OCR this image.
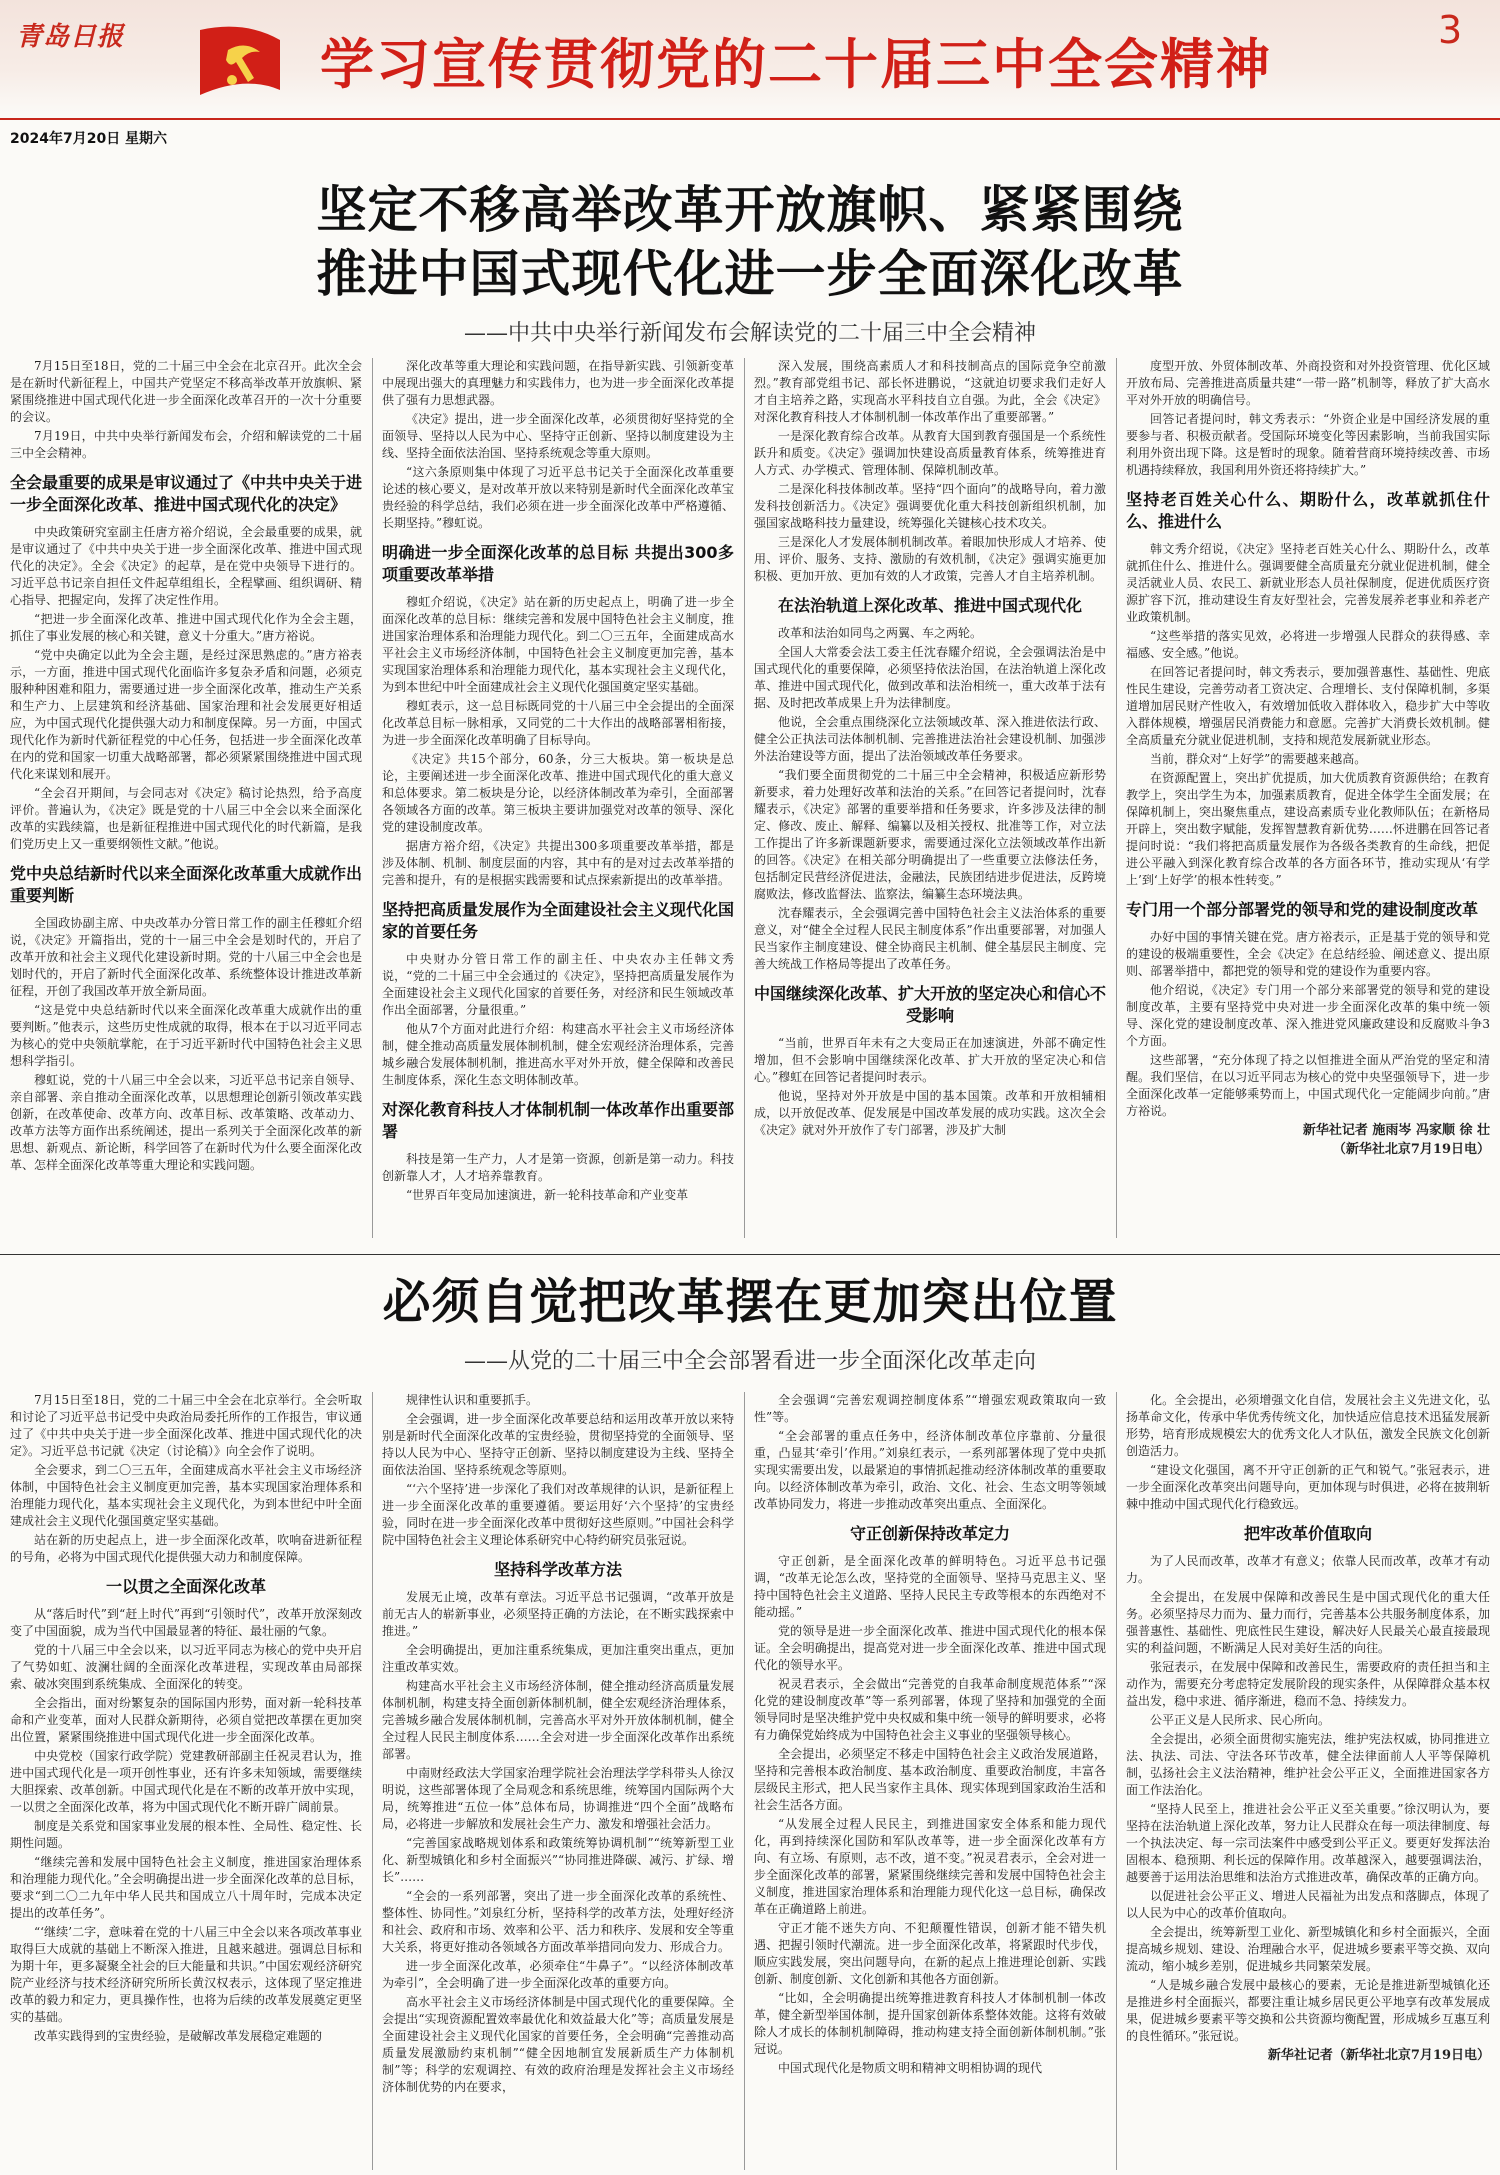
青岛日报	学习宣传贯彻党的二十届三中全会精神
3
2024年7月20日 星期六
坚定不移高举改革开放旗帜、紧紧围绕
推进中国式现代化进一步全面深化改革
——中共中央举行新闻发布会解读党的二十届三中全会精神

7月15日至18日，党的二十届三中全会在北京召开。此次全会是在新时代新征程上，中国共产党坚定不移高举改革开放旗帜、紧紧围绕推进中国式现代化进一步全面深化改革召开的一次十分重要的会议。

7月19日，中共中央举行新闻发布会，介绍和解读党的二十届三中全会精神。

全会最重要的成果是审议通过了《中共中央关于进一步全面深化改革、推进中国式现代化的决定》

中央政策研究室副主任唐方裕介绍说，全会最重要的成果，就是审议通过了《中共中央关于进一步全面深化改革、推进中国式现代化的决定》。全会《决定》的起草，是在党中央领导下进行的。习近平总书记亲自担任文件起草组组长，全程擘画、组织调研、精心指导、把握定向，发挥了决定性作用。

“把进一步全面深化改革、推进中国式现代化作为全会主题，抓住了事业发展的核心和关键，意义十分重大。”唐方裕说。

“党中央确定以此为全会主题，是经过深思熟虑的。”唐方裕表示，一方面，推进中国式现代化面临许多复杂矛盾和问题，必须克服种种困难和阻力，需要通过进一步全面深化改革，推动生产关系和生产力、上层建筑和经济基础、国家治理和社会发展更好相适应，为中国式现代化提供强大动力和制度保障。另一方面，中国式现代化作为新时代新征程党的中心任务，包括进一步全面深化改革在内的党和国家一切重大战略部署，都必须紧紧围绕推进中国式现代化来谋划和展开。

“全会召开期间，与会同志对《决定》稿讨论热烈，给予高度评价。普遍认为，《决定》既是党的十八届三中全会以来全面深化改革的实践续篇，也是新征程推进中国式现代化的时代新篇，是我们党历史上又一重要纲领性文献。”他说。

党中央总结新时代以来全面深化改革重大成就作出重要判断

全国政协副主席、中央改革办分管日常工作的副主任穆虹介绍说，《决定》开篇指出，党的十一届三中全会是划时代的，开启了改革开放和社会主义现代化建设新时期。党的十八届三中全会也是划时代的，开启了新时代全面深化改革、系统整体设计推进改革新征程，开创了我国改革开放全新局面。

“这是党中央总结新时代以来全面深化改革重大成就作出的重要判断。”他表示，这些历史性成就的取得，根本在于以习近平同志为核心的党中央领航掌舵，在于习近平新时代中国特色社会主义思想科学指引。

穆虹说，党的十八届三中全会以来，习近平总书记亲自领导、亲自部署、亲自推动全面深化改革，以思想理论创新引领改革实践创新，在改革使命、改革方向、改革目标、改革策略、改革动力、改革方法等方面作出系统阐述，提出一系列关于全面深化改革的新思想、新观点、新论断，科学回答了在新时代为什么要全面深化改革、怎样全面深化改革等重大理论和实践问题。

深化改革等重大理论和实践问题，在指导新实践、引领新变革中展现出强大的真理魅力和实践伟力，也为进一步全面深化改革提供了强有力思想武器。

《决定》提出，进一步全面深化改革，必须贯彻好坚持党的全面领导、坚持以人民为中心、坚持守正创新、坚持以制度建设为主线、坚持全面依法治国、坚持系统观念等重大原则。

“这六条原则集中体现了习近平总书记关于全面深化改革重要论述的核心要义，是对改革开放以来特别是新时代全面深化改革宝贵经验的科学总结，我们必须在进一步全面深化改革中严格遵循、长期坚持。”穆虹说。

明确进一步全面深化改革的总目标 共提出300多项重要改革举措

穆虹介绍说，《决定》站在新的历史起点上，明确了进一步全面深化改革的总目标：继续完善和发展中国特色社会主义制度，推进国家治理体系和治理能力现代化。到二〇三五年，全面建成高水平社会主义市场经济体制，中国特色社会主义制度更加完善，基本实现国家治理体系和治理能力现代化，基本实现社会主义现代化，为到本世纪中叶全面建成社会主义现代化强国奠定坚实基础。

穆虹表示，这一总目标既同党的十八届三中全会提出的全面深化改革总目标一脉相承，又同党的二十大作出的战略部署相衔接，为进一步全面深化改革明确了目标导向。

《决定》共15个部分，60条，分三大板块。第一板块是总论，主要阐述进一步全面深化改革、推进中国式现代化的重大意义和总体要求。第二板块是分论，以经济体制改革为牵引，全面部署各领域各方面的改革。第三板块主要讲加强党对改革的领导、深化党的建设制度改革。

据唐方裕介绍，《决定》共提出300多项重要改革举措，都是涉及体制、机制、制度层面的内容，其中有的是对过去改革举措的完善和提升，有的是根据实践需要和试点探索新提出的改革举措。

坚持把高质量发展作为全面建设社会主义现代化国家的首要任务

中央财办分管日常工作的副主任、中央农办主任韩文秀说，“党的二十届三中全会通过的《决定》，坚持把高质量发展作为全面建设社会主义现代化国家的首要任务，对经济和民生领域改革作出全面部署，分量很重。”

他从7个方面对此进行介绍：构建高水平社会主义市场经济体制，健全推动高质量发展体制机制，健全宏观经济治理体系，完善城乡融合发展体制机制，推进高水平对外开放，健全保障和改善民生制度体系，深化生态文明体制改革。

对深化教育科技人才体制机制一体改革作出重要部署

科技是第一生产力，人才是第一资源，创新是第一动力。科技创新靠人才，人才培养靠教育。

“世界百年变局加速演进，新一轮科技革命和产业变革

深入发展，围绕高素质人才和科技制高点的国际竞争空前激烈。”教育部党组书记、部长怀进鹏说，“这就迫切要求我们走好人才自主培养之路，实现高水平科技自立自强。为此，全会《决定》对深化教育科技人才体制机制一体改革作出了重要部署。”

一是深化教育综合改革。从教育大国到教育强国是一个系统性跃升和质变。《决定》强调加快建设高质量教育体系，统筹推进育人方式、办学模式、管理体制、保障机制改革。

二是深化科技体制改革。坚持“四个面向”的战略导向，着力激发科技创新活力。《决定》强调要优化重大科技创新组织机制，加强国家战略科技力量建设，统筹强化关键核心技术攻关。

三是深化人才发展体制机制改革。着眼加快形成人才培养、使用、评价、服务、支持、激励的有效机制，《决定》强调实施更加积极、更加开放、更加有效的人才政策，完善人才自主培养机制。

在法治轨道上深化改革、推进中国式现代化

改革和法治如同鸟之两翼、车之两轮。

全国人大常委会法工委主任沈春耀介绍说，全会强调法治是中国式现代化的重要保障，必须坚持依法治国，在法治轨道上深化改革、推进中国式现代化，做到改革和法治相统一，重大改革于法有据、及时把改革成果上升为法律制度。

他说，全会重点围绕深化立法领域改革、深入推进依法行政、健全公正执法司法体制机制、完善推进法治社会建设机制、加强涉外法治建设等方面，提出了法治领域改革任务要求。

“我们要全面贯彻党的二十届三中全会精神，积极适应新形势新要求，着力处理好改革和法治的关系。”在回答记者提问时，沈春耀表示，《决定》部署的重要举措和任务要求，许多涉及法律的制定、修改、废止、解释、编纂以及相关授权、批准等工作，对立法工作提出了许多新课题新要求，需要通过深化立法领域改革作出新的回答。《决定》在相关部分明确提出了一些重要立法修法任务，包括制定民营经济促进法，金融法，民族团结进步促进法，反跨境腐败法，修改监督法、监察法，编纂生态环境法典。

沈春耀表示，全会强调完善中国特色社会主义法治体系的重要意义，对“健全全过程人民民主制度体系”作出重要部署，对加强人民当家作主制度建设、健全协商民主机制、健全基层民主制度、完善大统战工作格局等提出了改革任务。

中国继续深化改革、扩大开放的坚定决心和信心不受影响

“当前，世界百年未有之大变局正在加速演进，外部不确定性增加，但不会影响中国继续深化改革、扩大开放的坚定决心和信心。”穆虹在回答记者提问时表示。

他说，坚持对外开放是中国的基本国策。改革和开放相辅相成，以开放促改革、促发展是中国改革发展的成功实践。这次全会《决定》就对外开放作了专门部署，涉及扩大制

度型开放、外贸体制改革、外商投资和对外投资管理、优化区域开放布局、完善推进高质量共建“一带一路”机制等，释放了扩大高水平对外开放的明确信号。

回答记者提问时，韩文秀表示：“外资企业是中国经济发展的重要参与者、积极贡献者。受国际环境变化等因素影响，当前我国实际利用外资出现下降。这是暂时的现象。随着营商环境持续改善、市场机遇持续释放，我国利用外资还将持续扩大。”

坚持老百姓关心什么、期盼什么，改革就抓住什么、推进什么

韩文秀介绍说，《决定》坚持老百姓关心什么、期盼什么，改革就抓住什么、推进什么。强调要健全高质量充分就业促进机制，健全灵活就业人员、农民工、新就业形态人员社保制度，促进优质医疗资源扩容下沉，推动建设生育友好型社会，完善发展养老事业和养老产业政策机制。

“这些举措的落实见效，必将进一步增强人民群众的获得感、幸福感、安全感。”他说。

在回答记者提问时，韩文秀表示，要加强普惠性、基础性、兜底性民生建设，完善劳动者工资决定、合理增长、支付保障机制，多渠道增加居民财产性收入，有效增加低收入群体收入，稳步扩大中等收入群体规模，增强居民消费能力和意愿。完善扩大消费长效机制。健全高质量充分就业促进机制，支持和规范发展新就业形态。

当前，群众对“上好学”的需要越来越高。

在资源配置上，突出扩优提质，加大优质教育资源供给；在教育教学上，突出学生为本，加强素质教育，促进全体学生全面发展；在保障机制上，突出聚焦重点，建设高素质专业化教师队伍；在新格局开辟上，突出数字赋能，发挥智慧教育新优势……怀进鹏在回答记者提问时说：“我们将把高质量发展作为各级各类教育的生命线，把促进公平融入到深化教育综合改革的各方面各环节，推动实现从‘有学上’到‘上好学’的根本性转变。”

专门用一个部分部署党的领导和党的建设制度改革

办好中国的事情关键在党。唐方裕表示，正是基于党的领导和党的建设的极端重要性，全会《决定》在总结经验、阐述意义、提出原则、部署举措中，都把党的领导和党的建设作为重要内容。

他介绍说，《决定》专门用一个部分来部署党的领导和党的建设制度改革，主要有坚持党中央对进一步全面深化改革的集中统一领导、深化党的建设制度改革、深入推进党风廉政建设和反腐败斗争3个方面。

这些部署，“充分体现了持之以恒推进全面从严治党的坚定和清醒。我们坚信，在以习近平同志为核心的党中央坚强领导下，进一步全面深化改革一定能够乘势而上，中国式现代化一定能阔步向前。”唐方裕说。

新华社记者 施雨岑 冯家顺 徐 壮

（新华社北京7月19日电）

必须自觉把改革摆在更加突出位置
——从党的二十届三中全会部署看进一步全面深化改革走向

7月15日至18日，党的二十届三中全会在北京举行。全会听取和讨论了习近平总书记受中央政治局委托所作的工作报告，审议通过了《中共中央关于进一步全面深化改革、推进中国式现代化的决定》。习近平总书记就《决定（讨论稿）》向全会作了说明。

全会要求，到二〇三五年，全面建成高水平社会主义市场经济体制，中国特色社会主义制度更加完善，基本实现国家治理体系和治理能力现代化，基本实现社会主义现代化，为到本世纪中叶全面建成社会主义现代化强国奠定坚实基础。

站在新的历史起点上，进一步全面深化改革，吹响奋进新征程的号角，必将为中国式现代化提供强大动力和制度保障。

一以贯之全面深化改革

从“落后时代”到“赶上时代”再到“引领时代”，改革开放深刻改变了中国面貌，成为当代中国最显著的特征、最壮丽的气象。

党的十八届三中全会以来，以习近平同志为核心的党中央开启了气势如虹、波澜壮阔的全面深化改革进程，实现改革由局部探索、破冰突围到系统集成、全面深化的转变。

全会指出，面对纷繁复杂的国际国内形势，面对新一轮科技革命和产业变革，面对人民群众新期待，必须自觉把改革摆在更加突出位置，紧紧围绕推进中国式现代化进一步全面深化改革。

中央党校（国家行政学院）党建教研部副主任祝灵君认为，推进中国式现代化是一项开创性事业，还有许多未知领域，需要继续大胆探索、改革创新。中国式现代化是在不断的改革开放中实现，一以贯之全面深化改革，将为中国式现代化不断开辟广阔前景。

制度是关系党和国家事业发展的根本性、全局性、稳定性、长期性问题。

“继续完善和发展中国特色社会主义制度，推进国家治理体系和治理能力现代化。”全会明确提出进一步全面深化改革的总目标，要求“到二〇二九年中华人民共和国成立八十周年时，完成本决定提出的改革任务”。

“‘继续’二字，意味着在党的十八届三中全会以来各项改革事业取得巨大成就的基础上不断深入推进，且越来越进。强调总目标和为期十年，更多凝聚全社会的巨大能量和共识。”中国宏观经济研究院产业经济与技术经济研究所所长黄汉权表示，这体现了坚定推进改革的毅力和定力，更具操作性，也将为后续的改革发展奠定更坚实的基础。

改革实践得到的宝贵经验，是破解改革发展稳定难题的

规律性认识和重要抓手。

全会强调，进一步全面深化改革要总结和运用改革开放以来特别是新时代全面深化改革的宝贵经验，贯彻坚持党的全面领导、坚持以人民为中心、坚持守正创新、坚持以制度建设为主线、坚持全面依法治国、坚持系统观念等原则。

“‘六个坚持’进一步深化了我们对改革规律的认识，是新征程上进一步全面深化改革的重要遵循。要运用好‘六个坚持’的宝贵经验，同时在进一步全面深化改革中贯彻好这些原则。”中国社会科学院中国特色社会主义理论体系研究中心特约研究员张冠说。

坚持科学改革方法

发展无止境，改革有章法。习近平总书记强调，“改革开放是前无古人的崭新事业，必须坚持正确的方法论，在不断实践探索中推进。”

全会明确提出，更加注重系统集成，更加注重突出重点，更加注重改革实效。

构建高水平社会主义市场经济体制，健全推动经济高质量发展体制机制，构建支持全面创新体制机制，健全宏观经济治理体系，完善城乡融合发展体制机制，完善高水平对外开放体制机制，健全全过程人民民主制度体系……全会对进一步全面深化改革作出系统部署。

中南财经政法大学国家治理学院社会治理法学学科带头人徐汉明说，这些部署体现了全局观念和系统思维，统筹国内国际两个大局，统筹推进“五位一体”总体布局，协调推进“四个全面”战略布局，必将进一步解放和发展社会生产力、激发和增强社会活力。

“完善国家战略规划体系和政策统筹协调机制”“统筹新型工业化、新型城镇化和乡村全面振兴”“协同推进降碳、减污、扩绿、增长”……

“全会的一系列部署，突出了进一步全面深化改革的系统性、整体性、协同性。”刘泉红分析，坚持科学的改革方法，处理好经济和社会、政府和市场、效率和公平、活力和秩序、发展和安全等重大关系，将更好推动各领域各方面改革举措同向发力、形成合力。

进一步全面深化改革，必须牵住“牛鼻子”。“以经济体制改革为牵引”，全会明确了进一步全面深化改革的重要方向。

高水平社会主义市场经济体制是中国式现代化的重要保障。全会提出“实现资源配置效率最优化和效益最大化”等；高质量发展是全面建设社会主义现代化国家的首要任务，全会明确“完善推动高质量发展激励约束机制”“健全因地制宜发展新质生产力体制机制”等；科学的宏观调控、有效的政府治理是发挥社会主义市场经济体制优势的内在要求，

全会强调“完善宏观调控制度体系”“增强宏观政策取向一致性”等。

“全会部署的重点任务中，经济体制改革位序靠前、分量很重，凸显其‘牵引’作用。”刘泉红表示，一系列部署体现了党中央抓实现实需要出发，以最紧迫的事情抓起推动经济体制改革的重要取向。以经济体制改革为牵引，政治、文化、社会、生态文明等领域改革协同发力，将进一步推动改革突出重点、全面深化。

守正创新保持改革定力

守正创新，是全面深化改革的鲜明特色。习近平总书记强调，“改革无论怎么改，坚持党的全面领导、坚持马克思主义、坚持中国特色社会主义道路、坚持人民民主专政等根本的东西绝对不能动摇。”

党的领导是进一步全面深化改革、推进中国式现代化的根本保证。全会明确提出，提高党对进一步全面深化改革、推进中国式现代化的领导水平。

祝灵君表示，全会做出“完善党的自我革命制度规范体系”“深化党的建设制度改革”等一系列部署，体现了坚持和加强党的全面领导同时是坚决维护党中央权威和集中统一领导的鲜明要求，必将有力确保党始终成为中国特色社会主义事业的坚强领导核心。

全会提出，必须坚定不移走中国特色社会主义政治发展道路，坚持和完善根本政治制度、基本政治制度、重要政治制度，丰富各层级民主形式，把人民当家作主具体、现实体现到国家政治生活和社会生活各方面。

“从发展全过程人民民主，到推进国家安全体系和能力现代化，再到持续深化国防和军队改革等，进一步全面深化改革有方向、有立场、有原则，志不改，道不变。”祝灵君表示，全会对进一步全面深化改革的部署，紧紧围绕继续完善和发展中国特色社会主义制度，推进国家治理体系和治理能力现代化这一总目标，确保改革在正确道路上前进。

守正才能不迷失方向、不犯颠覆性错误，创新才能不错失机遇、把握引领时代潮流。进一步全面深化改革，将紧跟时代步伐，顺应实践发展，突出问题导向，在新的起点上推进理论创新、实践创新、制度创新、文化创新和其他各方面创新。

“比如，全会明确提出统筹推进教育科技人才体制机制一体改革，健全新型举国体制，提升国家创新体系整体效能。这将有效破除人才成长的体制机制障碍，推动构建支持全面创新体制机制。”张冠说。

中国式现代化是物质文明和精神文明相协调的现代

化。全会提出，必须增强文化自信，发展社会主义先进文化，弘扬革命文化，传承中华优秀传统文化，加快适应信息技术迅猛发展新形势，培育形成规模宏大的优秀文化人才队伍，激发全民族文化创新创造活力。

“建设文化强国，离不开守正创新的正气和锐气。”张冠表示，进一步全面深化改革突出问题导向，更加体现与时俱进，必将在披荆斩棘中推动中国式现代化行稳致远。

把牢改革价值取向

为了人民而改革，改革才有意义；依靠人民而改革，改革才有动力。

全会提出，在发展中保障和改善民生是中国式现代化的重大任务。必须坚持尽力而为、量力而行，完善基本公共服务制度体系，加强普惠性、基础性、兜底性民生建设，解决好人民最关心最直接最现实的利益问题，不断满足人民对美好生活的向往。

张冠表示，在发展中保障和改善民生，需要政府的责任担当和主动作为，需要充分考虑特定发展阶段的现实条件，从保障群众基本权益出发，稳中求进、循序渐进，稳而不急、持续发力。

公平正义是人民所求、民心所向。

全会提出，必须全面贯彻实施宪法，维护宪法权威，协同推进立法、执法、司法、守法各环节改革，健全法律面前人人平等保障机制，弘扬社会主义法治精神，维护社会公平正义，全面推进国家各方面工作法治化。

“坚持人民至上，推进社会公平正义至关重要。”徐汉明认为，要坚持在法治轨道上深化改革，努力让人民群众在每一项法律制度、每一个执法决定、每一宗司法案件中感受到公平正义。要更好发挥法治固根本、稳预期、利长远的保障作用。改革越深入，越要强调法治，越要善于运用法治思维和法治方式推进改革，确保改革的正确方向。

以促进社会公平正义、增进人民福祉为出发点和落脚点，体现了以人民为中心的改革价值取向。

全会提出，统筹新型工业化、新型城镇化和乡村全面振兴，全面提高城乡规划、建设、治理融合水平，促进城乡要素平等交换、双向流动，缩小城乡差别，促进城乡共同繁荣发展。

“人是城乡融合发展中最核心的要素，无论是推进新型城镇化还是推进乡村全面振兴，都要注重让城乡居民更公平地享有改革发展成果，促进城乡要素平等交换和公共资源均衡配置，形成城乡互惠互利的良性循环。”张冠说。

新华社记者（新华社北京7月19日电）
